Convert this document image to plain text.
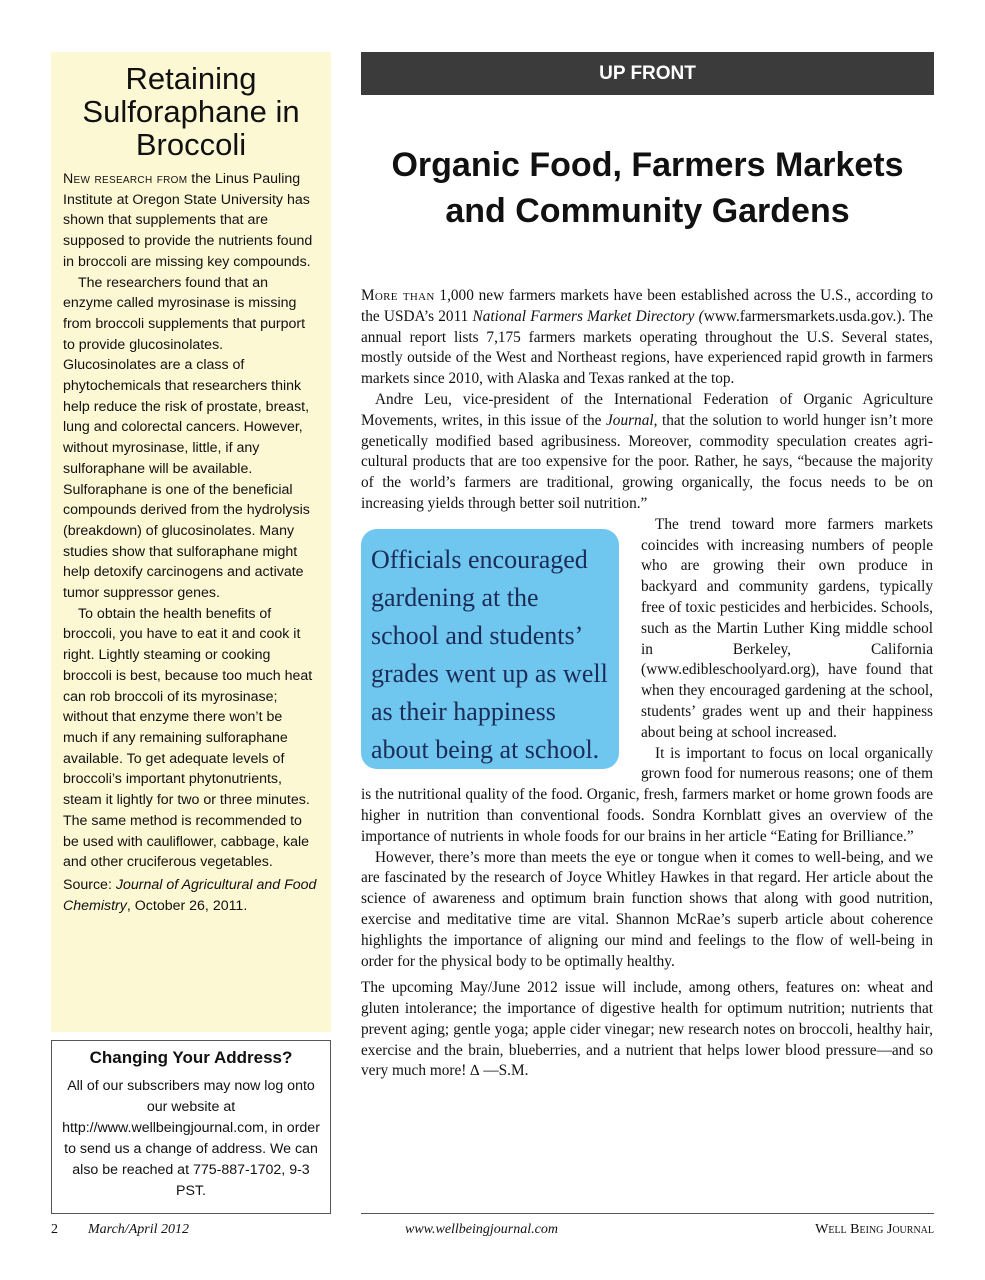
Retaining Sulforaphane in Broccoli

New research from the Linus Pauling Institute at Oregon State University has shown that supplements that are supposed to provide the nutrients found in broccoli are missing key compounds.

The researchers found that an enzyme called myrosinase is missing from broccoli supplements that purport to provide glucosinolates. Glucosinolates are a class of phytochemicals that researchers think help reduce the risk of prostate, breast, lung and colorectal cancers. However, without myrosinase, little, if any sulforaphane will be available. Sulforaphane is one of the beneficial compounds derived from the hydrolysis (breakdown) of glucosinolates. Many studies show that sulforaphane might help detoxify carcinogens and activate tumor suppressor genes.

To obtain the health benefits of broccoli, you have to eat it and cook it right. Lightly steaming or cooking broccoli is best, because too much heat can rob broccoli of its myrosinase; without that enzyme there won’t be much if any remaining sulforaphane available. To get adequate levels of broccoli’s important phytonutrients, steam it lightly for two or three minutes. The same method is recommended to be used with cauliflower, cabbage, kale and other cruciferous vegetables.

Source: Journal of Agricultural and Food Chemistry, October 26, 2011.

Changing Your Address?

All of our subscribers may now log onto our website at http://www.wellbeingjournal.com, in order to send us a change of address. We can also be reached at 775-887-1702, 9-3 PST.

UP FRONT
Organic Food, Farmers Markets and Community Gardens

More than 1,000 new farmers markets have been established across the U.S., according to the USDA’s 2011 National Farmers Market Directory (www.farmersmarkets.usda.gov.). The annual report lists 7,175 farmers markets operating throughout the U.S. Several states, mostly outside of the West and Northeast regions, have experienced rapid growth in farmers markets since 2010, with Alaska and Texas ranked at the top.

Andre Leu, vice-president of the International Federation of Organic Agriculture Movements, writes, in this issue of the Journal, that the solution to world hunger isn’t more genetically modified based agribusiness. Moreover, commodity speculation creates agricultural products that are too expensive for the poor. Rather, he says, “because the majority of the world’s farmers are traditional, growing organically, the focus needs to be on increasing yields through better soil nutrition.”

Officials encouraged gardening at the school and students’ grades went up as well as their happiness about being at school.

The trend toward more farmers markets coincides with increasing numbers of people who are growing their own produce in backyard and community gardens, typically free of toxic pesticides and herbicides. Schools, such as the Martin Luther King middle school in Berkeley, California (www.edibleschoolyard.org), have found that when they encouraged gardening at the school, students’ grades went up and their happiness about being at school increased.

It is important to focus on local organically grown food for numerous reasons; one of them is the nutritional quality of the food. Organic, fresh, farmers market or home grown foods are higher in nutrition than conventional foods. Sondra Kornblatt gives an overview of the importance of nutrients in whole foods for our brains in her article “Eating for Brilliance.”

However, there’s more than meets the eye or tongue when it comes to well-being, and we are fascinated by the research of Joyce Whitley Hawkes in that regard. Her article about the science of awareness and optimum brain function shows that along with good nutrition, exercise and meditative time are vital. Shannon McRae’s superb article about coherence highlights the importance of aligning our mind and feelings to the flow of well-being in order for the physical body to be optimally healthy.

The upcoming May/June 2012 issue will include, among others, features on: wheat and gluten intolerance; the importance of digestive health for optimum nutrition; nutrients that prevent aging; gentle yoga; apple cider vinegar; new research notes on broccoli, healthy hair, exercise and the brain, blueberries, and a nutrient that helps lower blood pressure—and so very much more! ∆ —S.M.

2 March/April 2012	www.wellbeingjournal.com	Well Being Journal
